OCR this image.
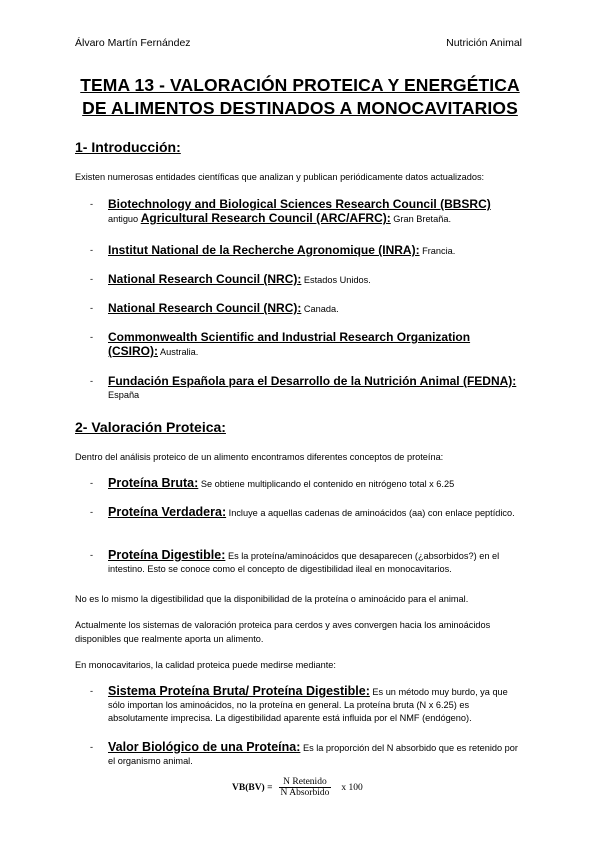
Álvaro Martín Fernández	Nutrición Animal
TEMA 13 - VALORACIÓN PROTEICA Y ENERGÉTICA
DE ALIMENTOS DESTINADOS A MONOCAVITARIOS
1- Introducción:
Existen numerosas entidades científicas que analizan y publican periódicamente datos actualizados:
- Biotechnology and Biological Sciences Research Council (BBSRC)
antiguo Agricultural Research Council (ARC/AFRC): Gran Bretaña.
- Institut National de la Recherche Agronomique (INRA): Francia.
- National Research Council (NRC): Estados Unidos.
- National Research Council (NRC): Canada.
- Commonwealth Scientific and Industrial Research Organization (CSIRO): Australia.
- Fundación Española para el Desarrollo de la Nutrición Animal (FEDNA):
España
2- Valoración Proteica:
Dentro del análisis proteico de un alimento encontramos diferentes conceptos de proteína:
- Proteína Bruta: Se obtiene multiplicando el contenido en nitrógeno total x 6.25
- Proteína Verdadera: Incluye a aquellas cadenas de aminoácidos (aa) con enlace peptídico.
- Proteína Digestible: Es la proteína/aminoácidos que desaparecen (¿absorbidos?) en el intestino. Esto se conoce como el concepto de digestibilidad ileal en monocavitarios.
No es lo mismo la digestibilidad que la disponibilidad de la proteína o aminoácido para el animal.
Actualmente los sistemas de valoración proteica para cerdos y aves convergen hacia los aminoácidos disponibles que realmente aporta un alimento.
En monocavitarios, la calidad proteica puede medirse mediante:
- Sistema Proteína Bruta/ Proteína Digestible: Es un método muy burdo, ya que sólo importan los aminoácidos, no la proteína en general. La proteína bruta (N x 6.25) es absolutamente imprecisa. La digestibilidad aparente está influida por el NMF (endógeno).
- Valor Biológico de una Proteína: Es la proporción del N absorbido que es retenido por el organismo animal.
$VB(BV) = \frac{\text{N Retenido}}{\text{N Absorbido}}$ x 100
